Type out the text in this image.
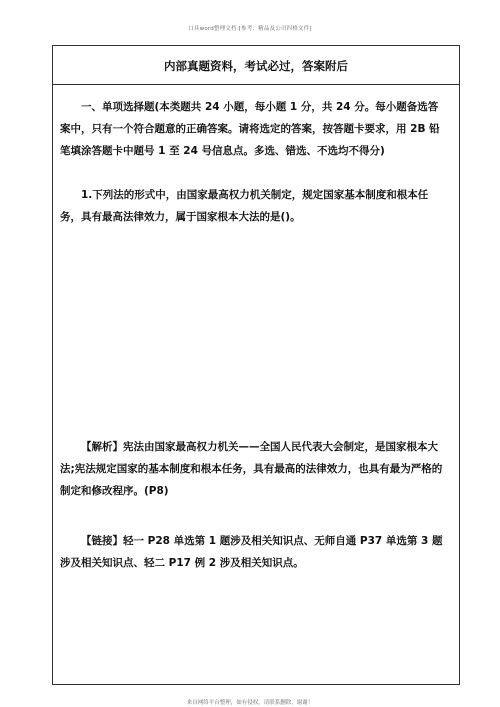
口具word整理文档 [参考：精品及公司四格文件]
内部真题资料，考试必过，答案附后

一、单项选择题(本类题共 24 小题，每小题 1 分，共 24 分。每小题备选答案中，只有一个符合题意的正确答案。请将选定的答案，按答题卡要求，用 2B 铅笔填涂答题卡中题号 1 至 24 号信息点。多选、错选、不选均不得分)

1.下列法的形式中，由国家最高权力机关制定，规定国家基本制度和根本任务，具有最高法律效力，属于国家根本大法的是()。

【解析】宪法由国家最高权力机关——全国人民代表大会制定，是国家根本大法;宪法规定国家的基本制度和根本任务，具有最高的法律效力，也具有最为严格的制定和修改程序。(P8)

【链接】轻一 P28 单选第 1 题涉及相关知识点、无师自通 P37 单选第 3 题涉及相关知识点、轻二 P17 例 2 涉及相关知识点。

来自网络平台整理，如有侵权，请联系删除，谢谢！
